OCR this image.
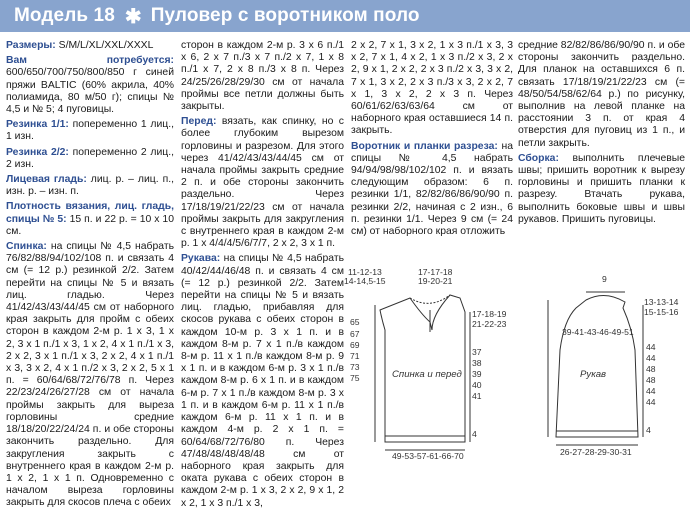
Модель 18 ✱ Пуловер с воротником поло

Размеры: S/M/L/XL/XXL/XXXL

Вам потребуется: 600/650/700/750/800/850 г синей пряжи BALTIC (60% акрила, 40% полиамида, 80 м/50 г); спицы № 4,5 и № 5; 4 пуговицы.

Резинка 1/1: попеременно 1 лиц., 1 изн.

Резинка 2/2: попеременно 2 лиц., 2 изн.

Лицевая гладь: лиц. р. – лиц. п., изн. р. – изн. п.

Плотность вязания, лиц. гладь, спицы № 5: 15 п. и 22 р. = 10 х 10 см.

Спинка: на спицы № 4,5 набрать 76/82/88/94/102/108 п. и связать 4 см (= 12 р.) резинкой 2/2. Затем перейти на спицы № 5 и вязать лиц. гладью. Через 41/42/43/43/44/45 см от наборного края закрыть для пройм с обеих сторон в каждом 2-м р. 1 х 3, 1 х 2, 3 х 1 п./1 х 3, 1 х 2, 4 х 1 п./1 х 3, 2 х 2, 3 х 1 п./1 х 3, 2 х 2, 4 х 1 п./1 х 3, 3 х 2, 4 х 1 п./2 х 3, 2 х 2, 5 х 1 п. = 60/64/68/72/76/78 п. Через 22/23/24/26/27/28 см от начала проймы закрыть для выреза горловины средние 18/18/20/22/24/24 п. и обе стороны закончить раздельно. Для закругления закрыть с внутреннего края в каждом 2-м р. 1 х 2, 1 х 1 п. Одновременно с началом выреза горловины закрыть для скосов плеча с обеих

сторон в каждом 2-м р. 3 х 6 п./1 х 6, 2 х 7 п./3 х 7 п./2 х 7, 1 х 8 п./1 х 7, 2 х 8 п./3 х 8 п. Через 24/25/26/28/29/30 см от начала проймы все петли должны быть закрыты.

Перед: вязать, как спинку, но с более глубоким вырезом горловины и разрезом. Для этого через 41/42/43/43/44/45 см от начала проймы закрыть средние 2 п. и обе стороны закончить раздельно. Через 17/18/19/21/22/23 см от начала проймы закрыть для закругления с внутреннего края в каждом 2-м р. 1 х 4/4/4/5/6/7/7, 2 х 2, 3 х 1 п.

Рукава: на спицы № 4,5 набрать 40/42/44/46/48 п. и связать 4 см (= 12 р.) резинкой 2/2. Затем перейти на спицы № 5 и вязать лиц. гладью, прибавляя для скосов рукава с обеих сторон в каждом 10-м р. 3 х 1 п. и в каждом 8-м р. 7 х 1 п./в каждом 8-м р. 11 х 1 п./в каждом 8-м р. 9 х 1 п. и в каждом 6-м р. 3 х 1 п./в каждом 8-м р. 6 х 1 п. и в каждом 6-м р. 7 х 1 п./в каждом 8-м р. 3 х 1 п. и в каждом 6-м р. 11 х 1 п./в каждом 6-м р. 11 х 1 п. и в каждом 4-м р. 2 х 1 п. = 60/64/68/72/76/80 п. Через 47/48/48/48/48/48 см от наборного края закрыть для оката рукава с обеих сторон в каждом 2-м р. 1 х 3, 2 х 2, 9 х 1, 2 х 2, 1 х 3 п./1 х 3,

2 х 2, 7 х 1, 3 х 2, 1 х 3 п./1 х 3, 3 х 2, 7 х 1, 4 х 2, 1 х 3 п./2 х 3, 2 х 2, 9 х 1, 2 х 2, 2 х 3 п./2 х 3, 3 х 2, 7 х 1, 3 х 2, 2 х 3 п./3 х 3, 2 х 2, 7 х 1, 3 х 2, 2 х 3 п. Через 60/61/62/63/63/64 см от наборного края оставшиеся 14 п. закрыть.

Воротник и планки разреза: на спицы № 4,5 набрать 94/94/98/98/102/102 п. и вязать следующим образом: 6 п. резинки 1/1, 82/82/86/86/90/90 п. резинки 2/2, начиная с 2 изн., 6 п. резинки 1/1. Через 9 см (= 24 см) от наборного края отложить

средние 82/82/86/86/90/90 п. и обе стороны закончить раздельно. Для планок на оставшихся 6 п. связать 17/18/19/21/22/23 см (= 48/50/54/58/62/64 р.) по рисунку, выполнив на левой планке на расстоянии 3 п. от края 4 отверстия для пуговиц из 1 п., и петли закрыть.

Сборка: выполнить плечевые швы; пришить воротник к вырезу горловины и пришить планки к разрезу. Втачать рукава, выполнить боковые швы и швы рукавов. Пришить пуговицы.

11-12-13
14-14,5-15
17-17-18
19-20-21
65
67
69
71
73
75
17-18-19
21-22-23
37
38
39
40
41
4
Спинка и перед
49-53-57-61-66-70
9
13-13-14
15-15-16
39-41-43-46-49-51
44
44
48
48
44
44
4
Рукав
26-27-28-29-30-31
